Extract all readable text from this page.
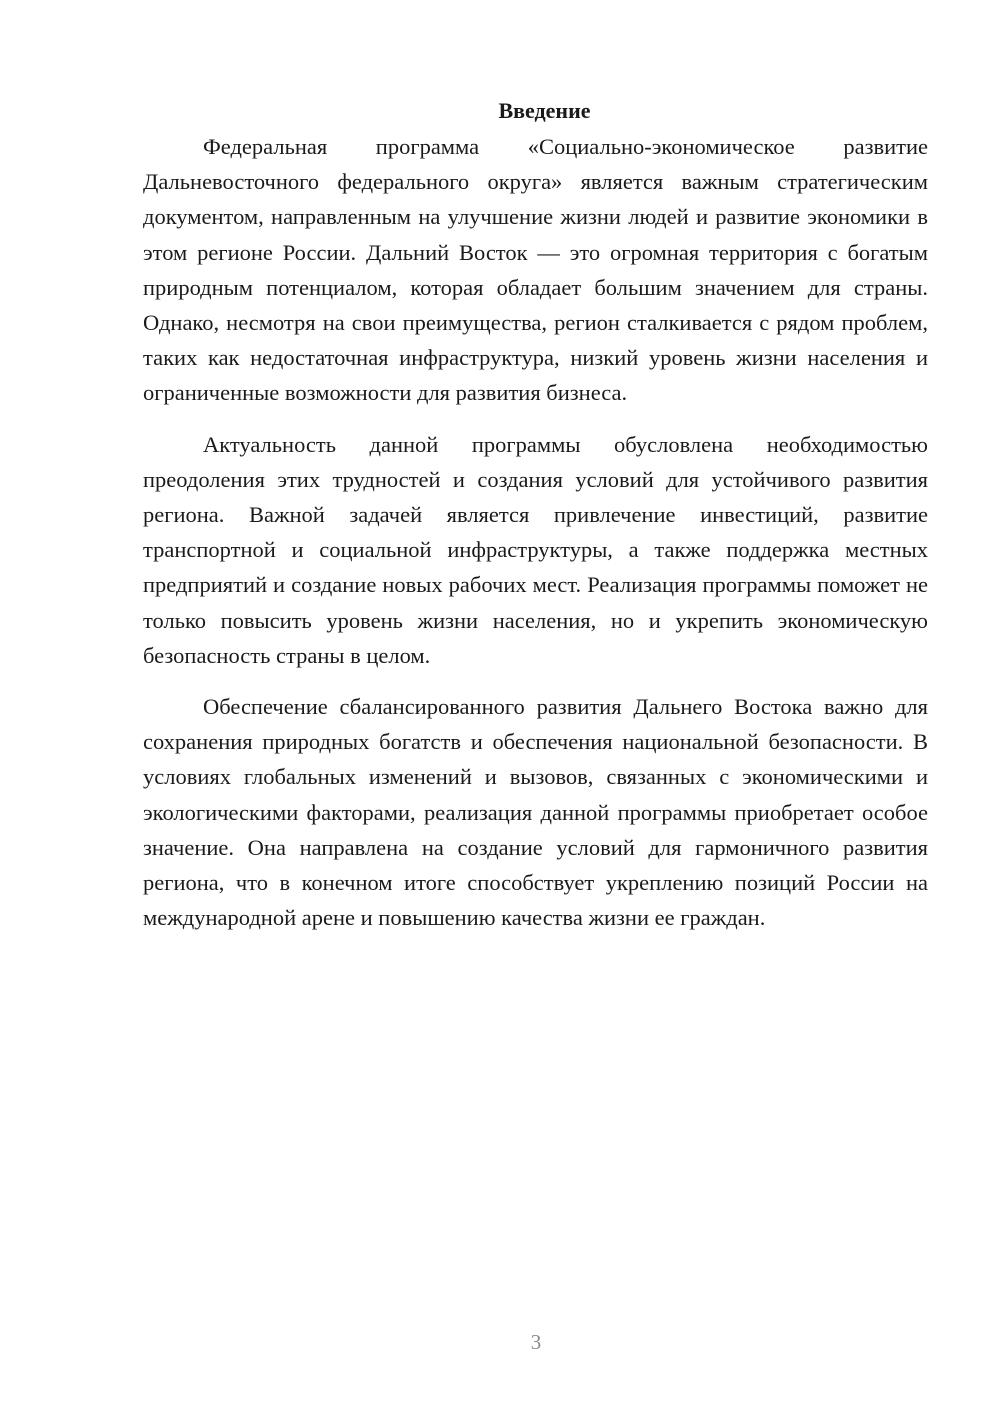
Введение

Федеральная программа «Социально-экономическое развитие Дальневосточного федерального округа» является важным стратегическим документом, направленным на улучшение жизни людей и развитие экономики в этом регионе России. Дальний Восток — это огромная территория с богатым природным потенциалом, которая обладает большим значением для страны. Однако, несмотря на свои преимущества, регион сталкивается с рядом проблем, таких как недостаточная инфраструктура, низкий уровень жизни населения и ограниченные возможности для развития бизнеса.

Актуальность данной программы обусловлена необходимостью преодоления этих трудностей и создания условий для устойчивого развития региона. Важной задачей является привлечение инвестиций, развитие транспортной и социальной инфраструктуры, а также поддержка местных предприятий и создание новых рабочих мест. Реализация программы поможет не только повысить уровень жизни населения, но и укрепить экономическую безопасность страны в целом.

Обеспечение сбалансированного развития Дальнего Востока важно для сохранения природных богатств и обеспечения национальной безопасности. В условиях глобальных изменений и вызовов, связанных с экономическими и экологическими факторами, реализация данной программы приобретает особое значение. Она направлена на создание условий для гармоничного развития региона, что в конечном итоге способствует укреплению позиций России на международной арене и повышению качества жизни ее граждан.

3
